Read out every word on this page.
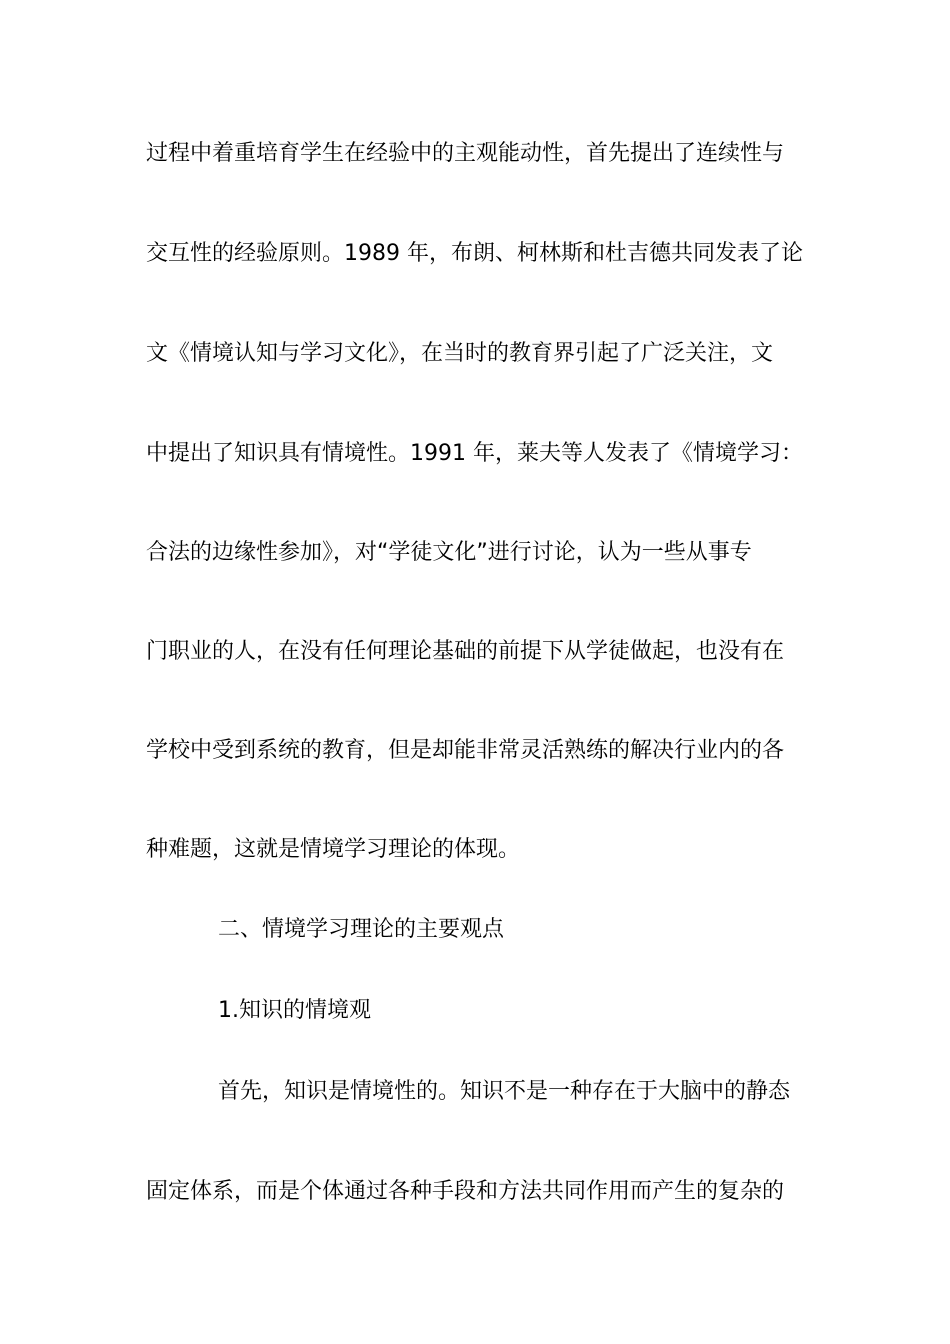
过程中着重培育学生在经验中的主观能动性，首先提出了连续性与
交互性的经验原则。1989 年，布朗、柯林斯和杜吉德共同发表了论
文《情境认知与学习文化》，在当时的教育界引起了广泛关注，文
中提出了知识具有情境性。1991 年，莱夫等人发表了《情境学习：
合法的边缘性参加》，对“学徒文化”进行讨论，认为一些从事专
门职业的人，在没有任何理论基础的前提下从学徒做起，也没有在
学校中受到系统的教育，但是却能非常灵活熟练的解决行业内的各
种难题，这就是情境学习理论的体现。
二、情境学习理论的主要观点
1.知识的情境观
首先，知识是情境性的。知识不是一种存在于大脑中的静态
固定体系，而是个体通过各种手段和方法共同作用而产生的复杂的
